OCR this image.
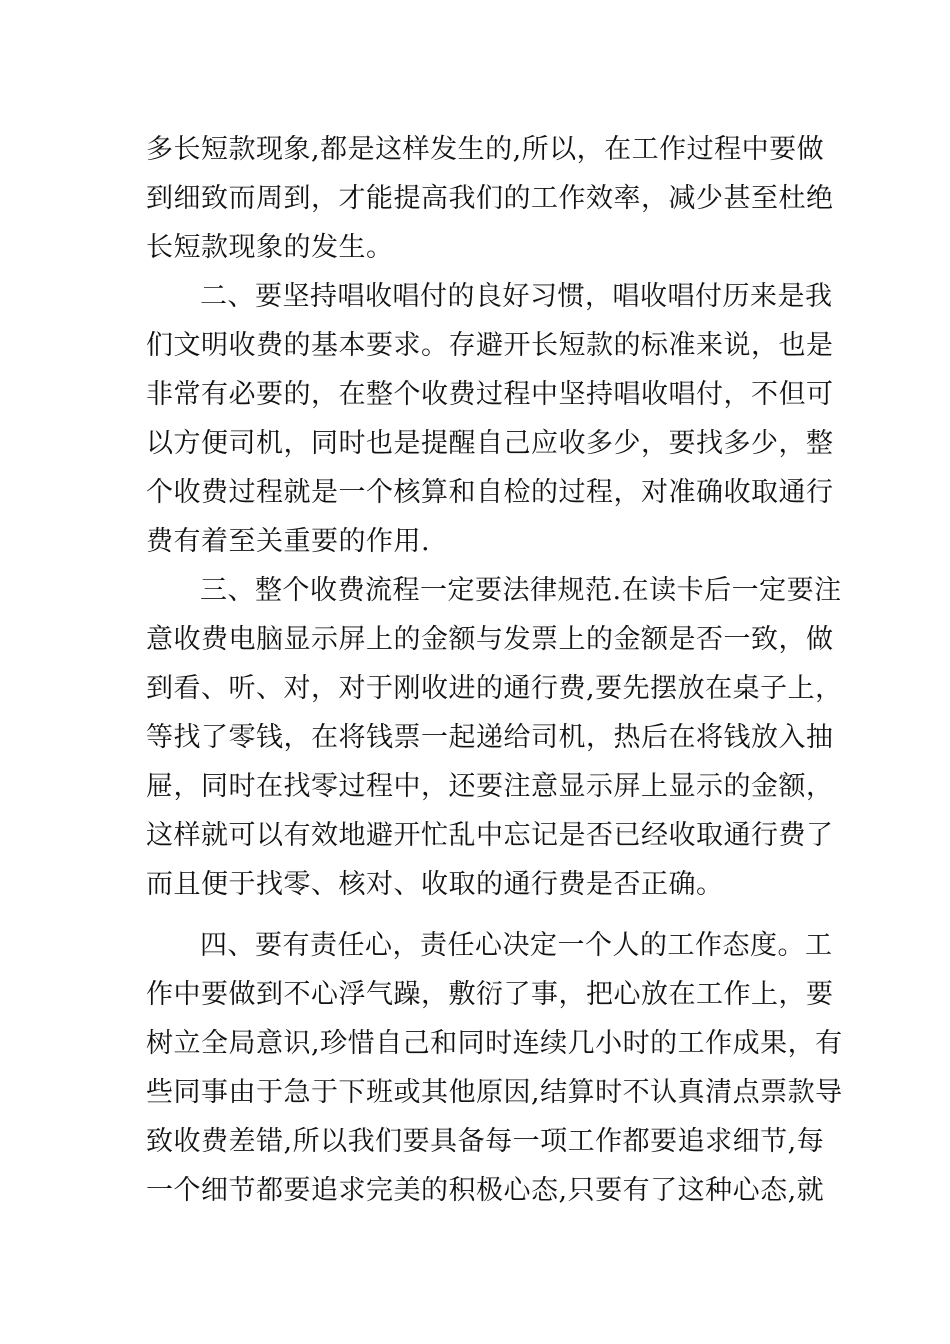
多长短款现象,都是这样发生的,所以，在工作过程中要做
到细致而周到，才能提高我们的工作效率，减少甚至杜绝
长短款现象的发生。
二、要坚持唱收唱付的良好习惯，唱收唱付历来是我
们文明收费的基本要求。存避开长短款的标准来说，也是
非常有必要的，在整个收费过程中坚持唱收唱付，不但可
以方便司机，同时也是提醒自己应收多少，要找多少，整
个收费过程就是一个核算和自检的过程，对准确收取通行
费有着至关重要的作用.
三、整个收费流程一定要法律规范.在读卡后一定要注
意收费电脑显示屏上的金额与发票上的金额是否一致，做
到看、听、对，对于刚收进的通行费,要先摆放在桌子上，
等找了零钱，在将钱票一起递给司机，热后在将钱放入抽
屉，同时在找零过程中，还要注意显示屏上显示的金额，
这样就可以有效地避开忙乱中忘记是否已经收取通行费了
而且便于找零、核对、收取的通行费是否正确。
四、要有责任心，责任心决定一个人的工作态度。工
作中要做到不心浮气躁，敷衍了事，把心放在工作上，要
树立全局意识,珍惜自己和同时连续几小时的工作成果，有
些同事由于急于下班或其他原因,结算时不认真清点票款导
致收费差错,所以我们要具备每一项工作都要追求细节,每
一个细节都要追求完美的积极心态,只要有了这种心态,就
